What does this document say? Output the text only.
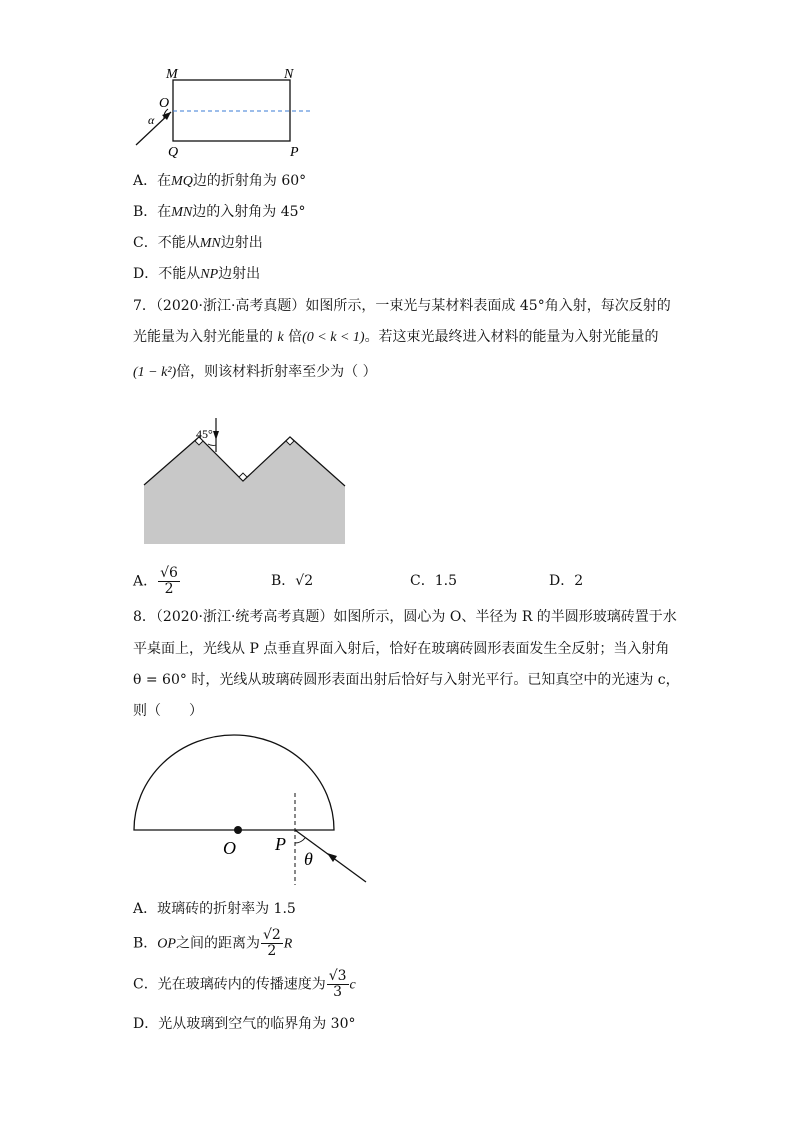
M	N
O
α
Q	P
A．在MQ边的折射角为 60°
B．在MN边的入射角为 45°
C．不能从MN边射出
D．不能从NP边射出
7．（2020·浙江·高考真题）如图所示，一束光与某材料表面成 45°角入射，每次反射的
光能量为入射光能量的 k 倍(0 < k < 1)。若这束光最终进入材料的能量为入射光能量的
(1 − k²)倍，则该材料折射率至少为（ ）
45°
A． $\frac{√6}{2}$	B．√2	C．1.5	D．2
8．（2020·浙江·统考高考真题）如图所示，圆心为 O、半径为 R 的半圆形玻璃砖置于水
平桌面上，光线从 P 点垂直界面入射后，恰好在玻璃砖圆形表面发生全反射；当入射角
θ = 60° 时，光线从玻璃砖圆形表面出射后恰好与入射光平行。已知真空中的光速为 c，
则（　　）
O P
θ
A．玻璃砖的折射率为 1.5
B．OP之间的距离为 $\frac{√2}{2}$ R
C．光在玻璃砖内的传播速度为 $\frac{√3}{3}$ c
D．光从玻璃到空气的临界角为 30°
